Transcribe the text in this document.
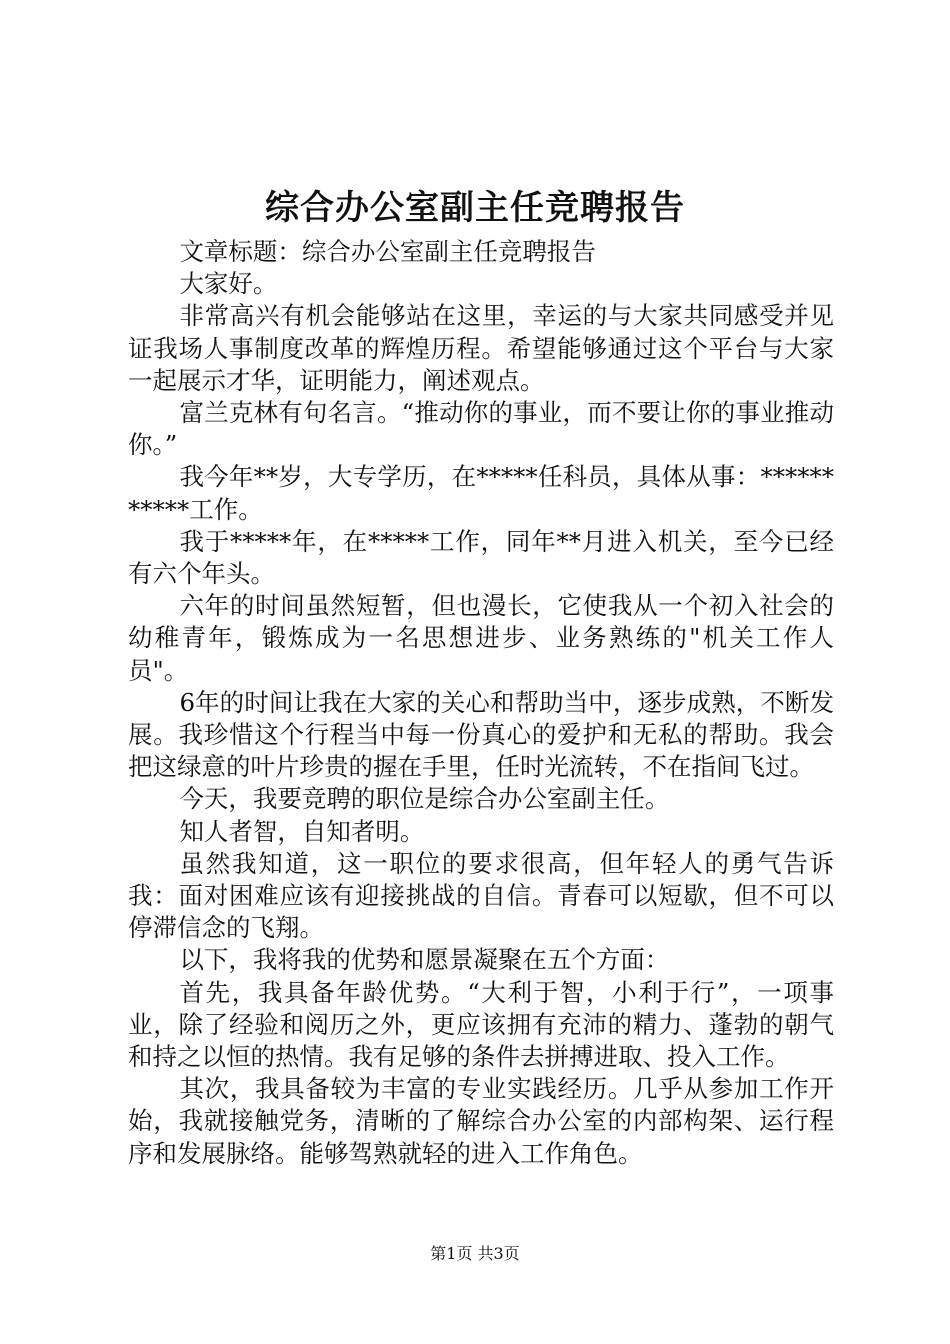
综合办公室副主任竞聘报告

文章标题：综合办公室副主任竞聘报告

大家好。

非常高兴有机会能够站在这里，幸运的与大家共同感受并见证我场人事制度改革的辉煌历程。希望能够通过这个平台与大家一起展示才华，证明能力，阐述观点。

富兰克林有句名言。“推动你的事业，而不要让你的事业推动你。”

我今年**岁，大专学历，在*****任科员，具体从事：***********工作。

我于*****年，在*****工作，同年**月进入机关，至今已经有六个年头。

六年的时间虽然短暂，但也漫长，它使我从一个初入社会的幼稚青年，锻炼成为一名思想进步、业务熟练的"机关工作人员"。

6年的时间让我在大家的关心和帮助当中，逐步成熟，不断发展。我珍惜这个行程当中每一份真心的爱护和无私的帮助。我会把这绿意的叶片珍贵的握在手里，任时光流转，不在指间飞过。

今天，我要竞聘的职位是综合办公室副主任。

知人者智，自知者明。

虽然我知道，这一职位的要求很高，但年轻人的勇气告诉我：面对困难应该有迎接挑战的自信。青春可以短歇，但不可以停滞信念的飞翔。

以下，我将我的优势和愿景凝聚在五个方面：

首先，我具备年龄优势。“大利于智，小利于行”，一项事业，除了经验和阅历之外，更应该拥有充沛的精力、蓬勃的朝气和持之以恒的热情。我有足够的条件去拼搏进取、投入工作。

其次，我具备较为丰富的专业实践经历。几乎从参加工作开始，我就接触党务，清晰的了解综合办公室的内部构架、运行程序和发展脉络。能够驾熟就轻的进入工作角色。

第1页 共3页
